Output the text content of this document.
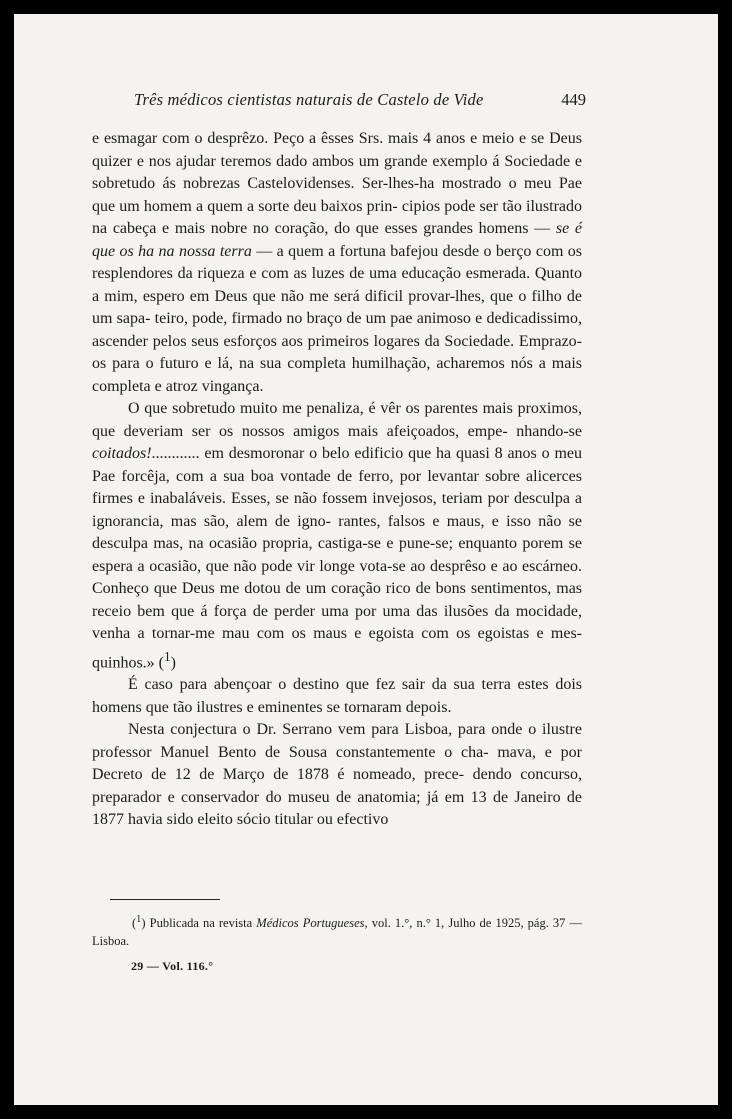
Três médicos cientistas naturais de Castelo de Vide	449

e esmagar com o desprêzo. Peço a êsses Srs. mais 4 anos e meio e se Deus quizer e nos ajudar teremos dado ambos um grande exemplo á Sociedade e sobretudo ás nobrezas Castelovidenses. Ser-lhes-ha mostrado o meu Pae que um homem a quem a sorte deu baixos prin- cipios pode ser tão ilustrado na cabeça e mais nobre no coração, do que esses grandes homens — se é que os ha na nossa terra — a quem a fortuna bafejou desde o berço com os resplendores da riqueza e com as luzes de uma educação esmerada. Quanto a mim, espero em Deus que não me será dificil provar-lhes, que o filho de um sapa- teiro, pode, firmado no braço de um pae animoso e dedicadissimo, ascender pelos seus esforços aos primeiros logares da Sociedade. Emprazo-os para o futuro e lá, na sua completa humilhação, acharemos nós a mais completa e atroz vingança.

O que sobretudo muito me penaliza, é vêr os parentes mais proximos, que deveriam ser os nossos amigos mais afeiçoados, empe- nhando-se coitados!............ em desmoronar o belo edificio que ha quasi 8 anos o meu Pae forcêja, com a sua boa vontade de ferro, por levantar sobre alicerces firmes e inabaláveis. Esses, se não fossem invejosos, teriam por desculpa a ignorancia, mas são, alem de igno- rantes, falsos e maus, e isso não se desculpa mas, na ocasião propria, castiga-se e pune-se; enquanto porem se espera a ocasião, que não pode vir longe vota-se ao desprêso e ao escárneo. Conheço que Deus me dotou de um coração rico de bons sentimentos, mas receio bem que á força de perder uma por uma das ilusões da mocidade, venha a tornar-me mau com os maus e egoista com os egoistas e mes- quinhos.» ($^1$)

É caso para abençoar o destino que fez sair da sua terra estes dois homens que tão ilustres e eminentes se tornaram depois.

Nesta conjectura o Dr. Serrano vem para Lisboa, para onde o ilustre professor Manuel Bento de Sousa constantemente o cha- mava, e por Decreto de 12 de Março de 1878 é nomeado, prece- dendo concurso, preparador e conservador do museu de anatomia; já em 13 de Janeiro de 1877 havia sido eleito sócio titular ou efectivo

($^1$) Publicada na revista Médicos Portugueses, vol. 1.°, n.° 1, Julho de 1925, pág. 37 — Lisboa.

29 — Vol. 116.°
